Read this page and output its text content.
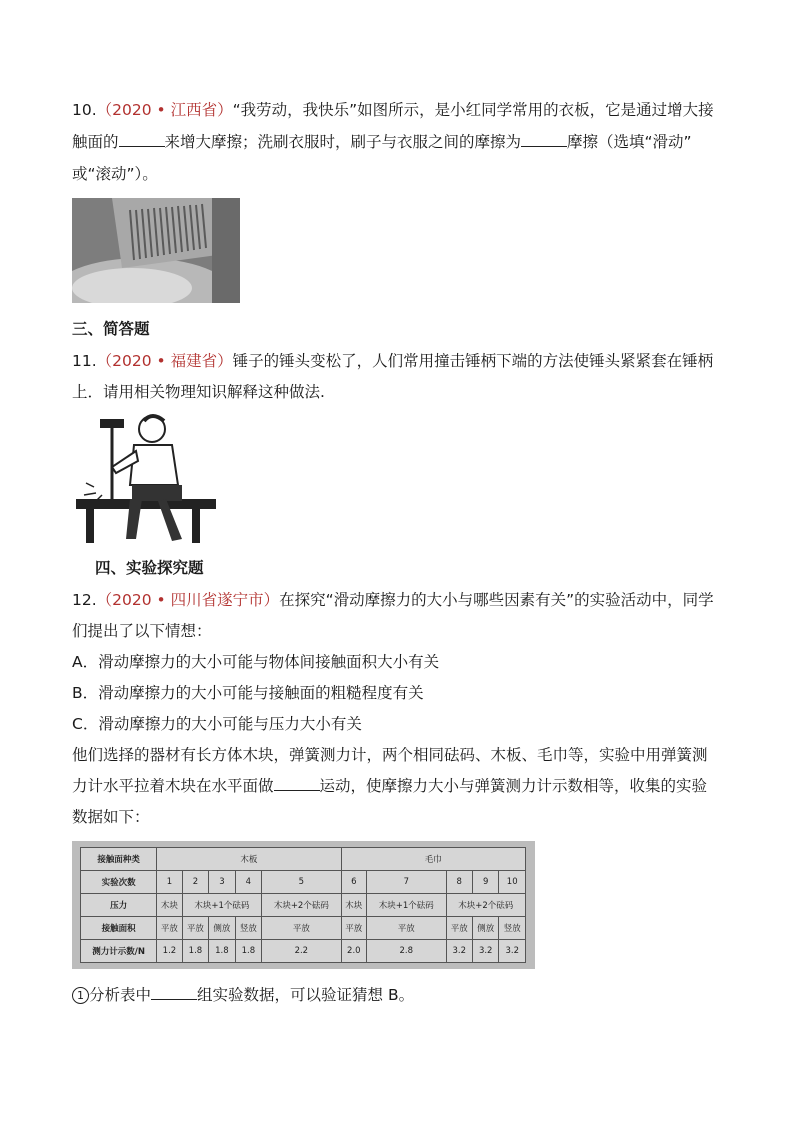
10.（2020 • 江西省）“我劳动，我快乐”如图所示，是小红同学常用的衣板，它是通过增大接
触面的	来增大摩擦；洗刷衣服时，刷子与衣服之间的摩擦为	摩擦（选填“滑动”
或“滚动”）。
三、简答题
11.（2020 • 福建省）锤子的锤头变松了，人们常用撞击锤柄下端的方法使锤头紧紧套在锤柄
上．请用相关物理知识解释这种做法.
四、实验探究题
12.（2020 • 四川省遂宁市）在探究“滑动摩擦力的大小与哪些因素有关”的实验活动中，同学
们提出了以下情想：
A．滑动摩擦力的大小可能与物体间接触面积大小有关
B．滑动摩擦力的大小可能与接触面的粗糙程度有关
C．滑动摩擦力的大小可能与压力大小有关
他们选择的器材有长方体木块，弹簧测力计，两个相同砝码、木板、毛巾等，实验中用弹簧测
力计水平拉着木块在水平面做	运动，使摩擦力大小与弹簧测力计示数相等，收集的实验
数据如下：
接触面种类	木板					毛巾				
实验次数	1	2	3	4	5	6	7	8	9	10
压力	木块	木块+1个砝码			木块+2个砝码	木块	木块+1个砝码	木块+2个砝码		
接触面积	平放	平放	侧放	竖放	平放	平放	平放	平放	侧放	竖放
测力计示数/N	1.2	1.8	1.8	1.8	2.2	2.0	2.8	3.2	3.2	3.2
1 分析表中	组实验数据，可以验证猜想 B。
